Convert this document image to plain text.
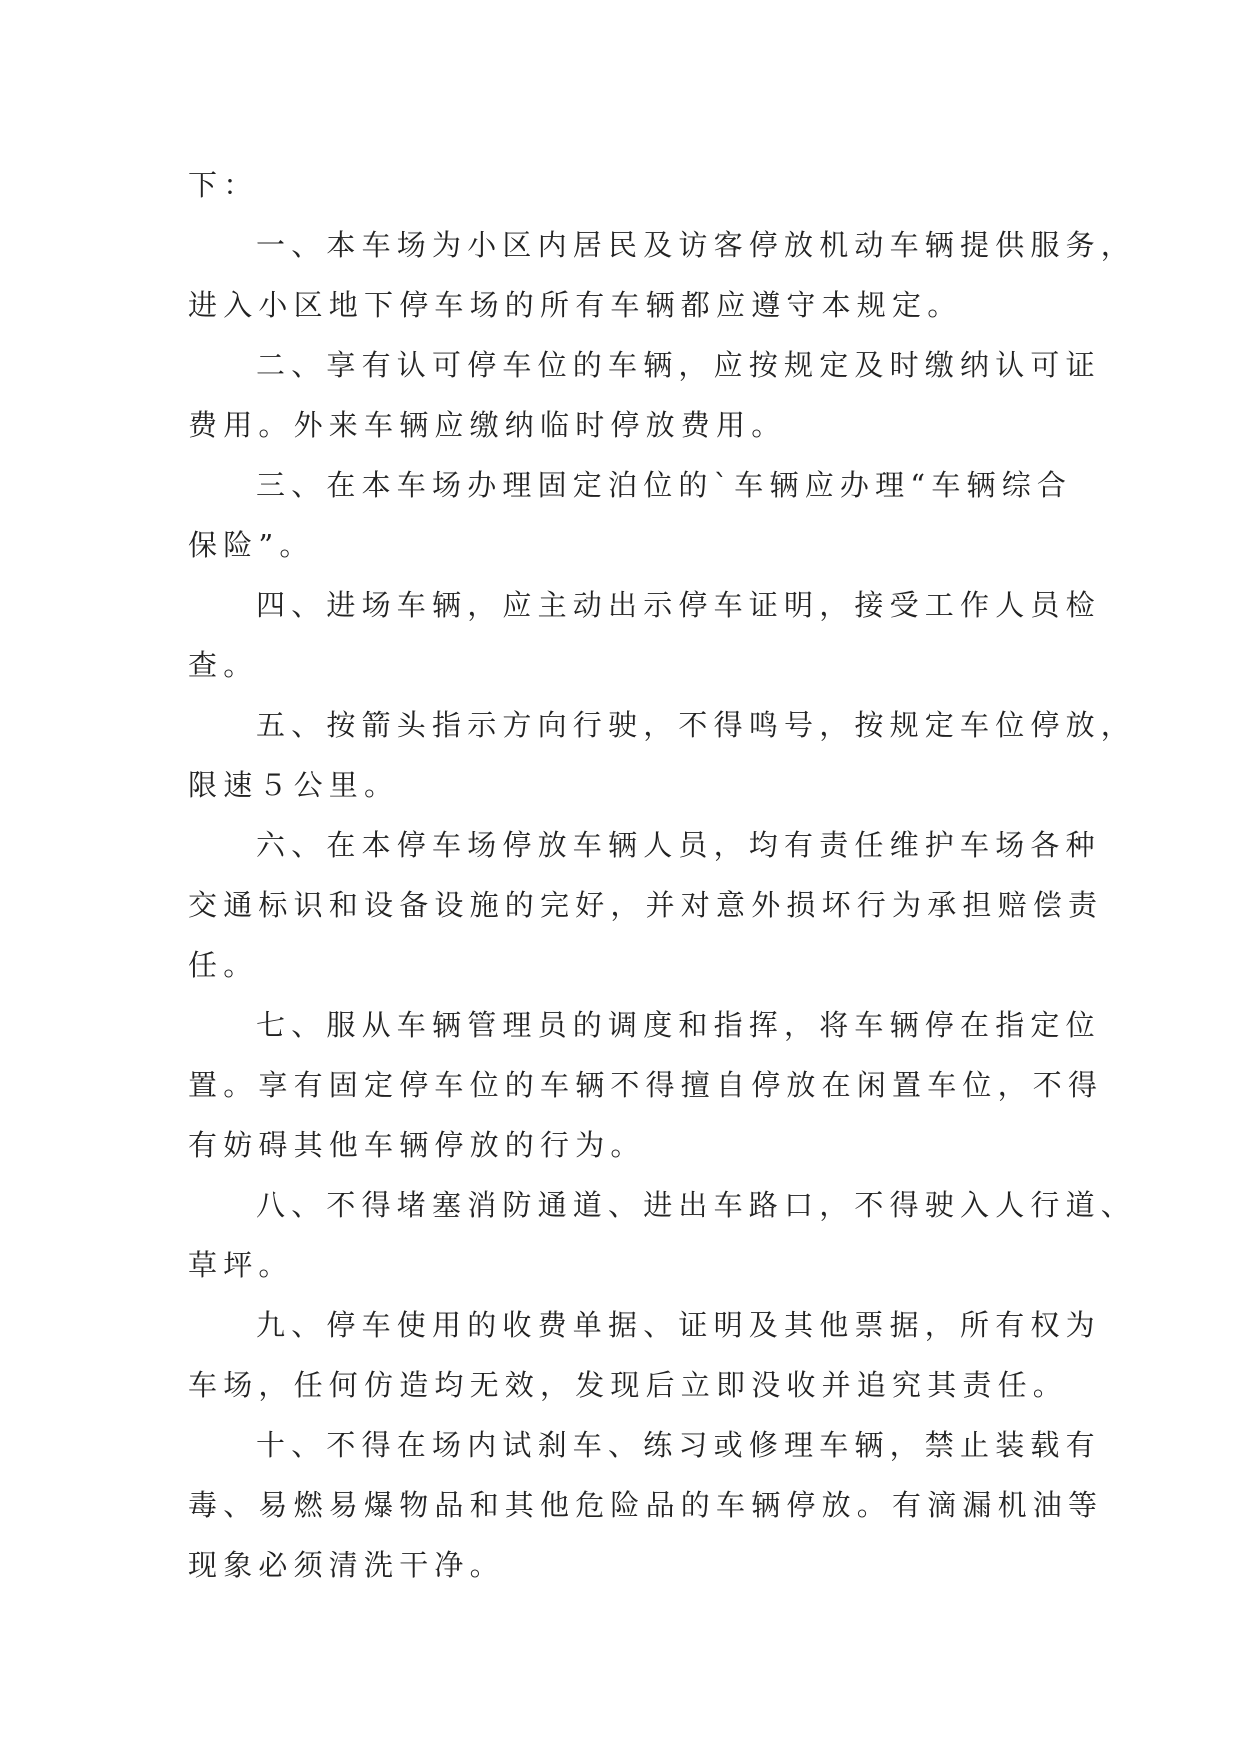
下：
一、本车场为小区内居民及访客停放机动车辆提供服务，
进入小区地下停车场的所有车辆都应遵守本规定。
二、享有认可停车位的车辆，应按规定及时缴纳认可证
费用。外来车辆应缴纳临时停放费用。
三、在本车场办理固定泊位的`车辆应办理“车辆综合
保险”。
四、进场车辆，应主动出示停车证明，接受工作人员检
查。
五、按箭头指示方向行驶，不得鸣号，按规定车位停放，
限速５公里。
六、在本停车场停放车辆人员，均有责任维护车场各种
交通标识和设备设施的完好，并对意外损坏行为承担赔偿责
任。
七、服从车辆管理员的调度和指挥，将车辆停在指定位
置。享有固定停车位的车辆不得擅自停放在闲置车位，不得
有妨碍其他车辆停放的行为。
八、不得堵塞消防通道、进出车路口，不得驶入人行道、
草坪。
九、停车使用的收费单据、证明及其他票据，所有权为
车场，任何仿造均无效，发现后立即没收并追究其责任。
十、不得在场内试刹车、练习或修理车辆，禁止装载有
毒、易燃易爆物品和其他危险品的车辆停放。有滴漏机油等
现象必须清洗干净。
